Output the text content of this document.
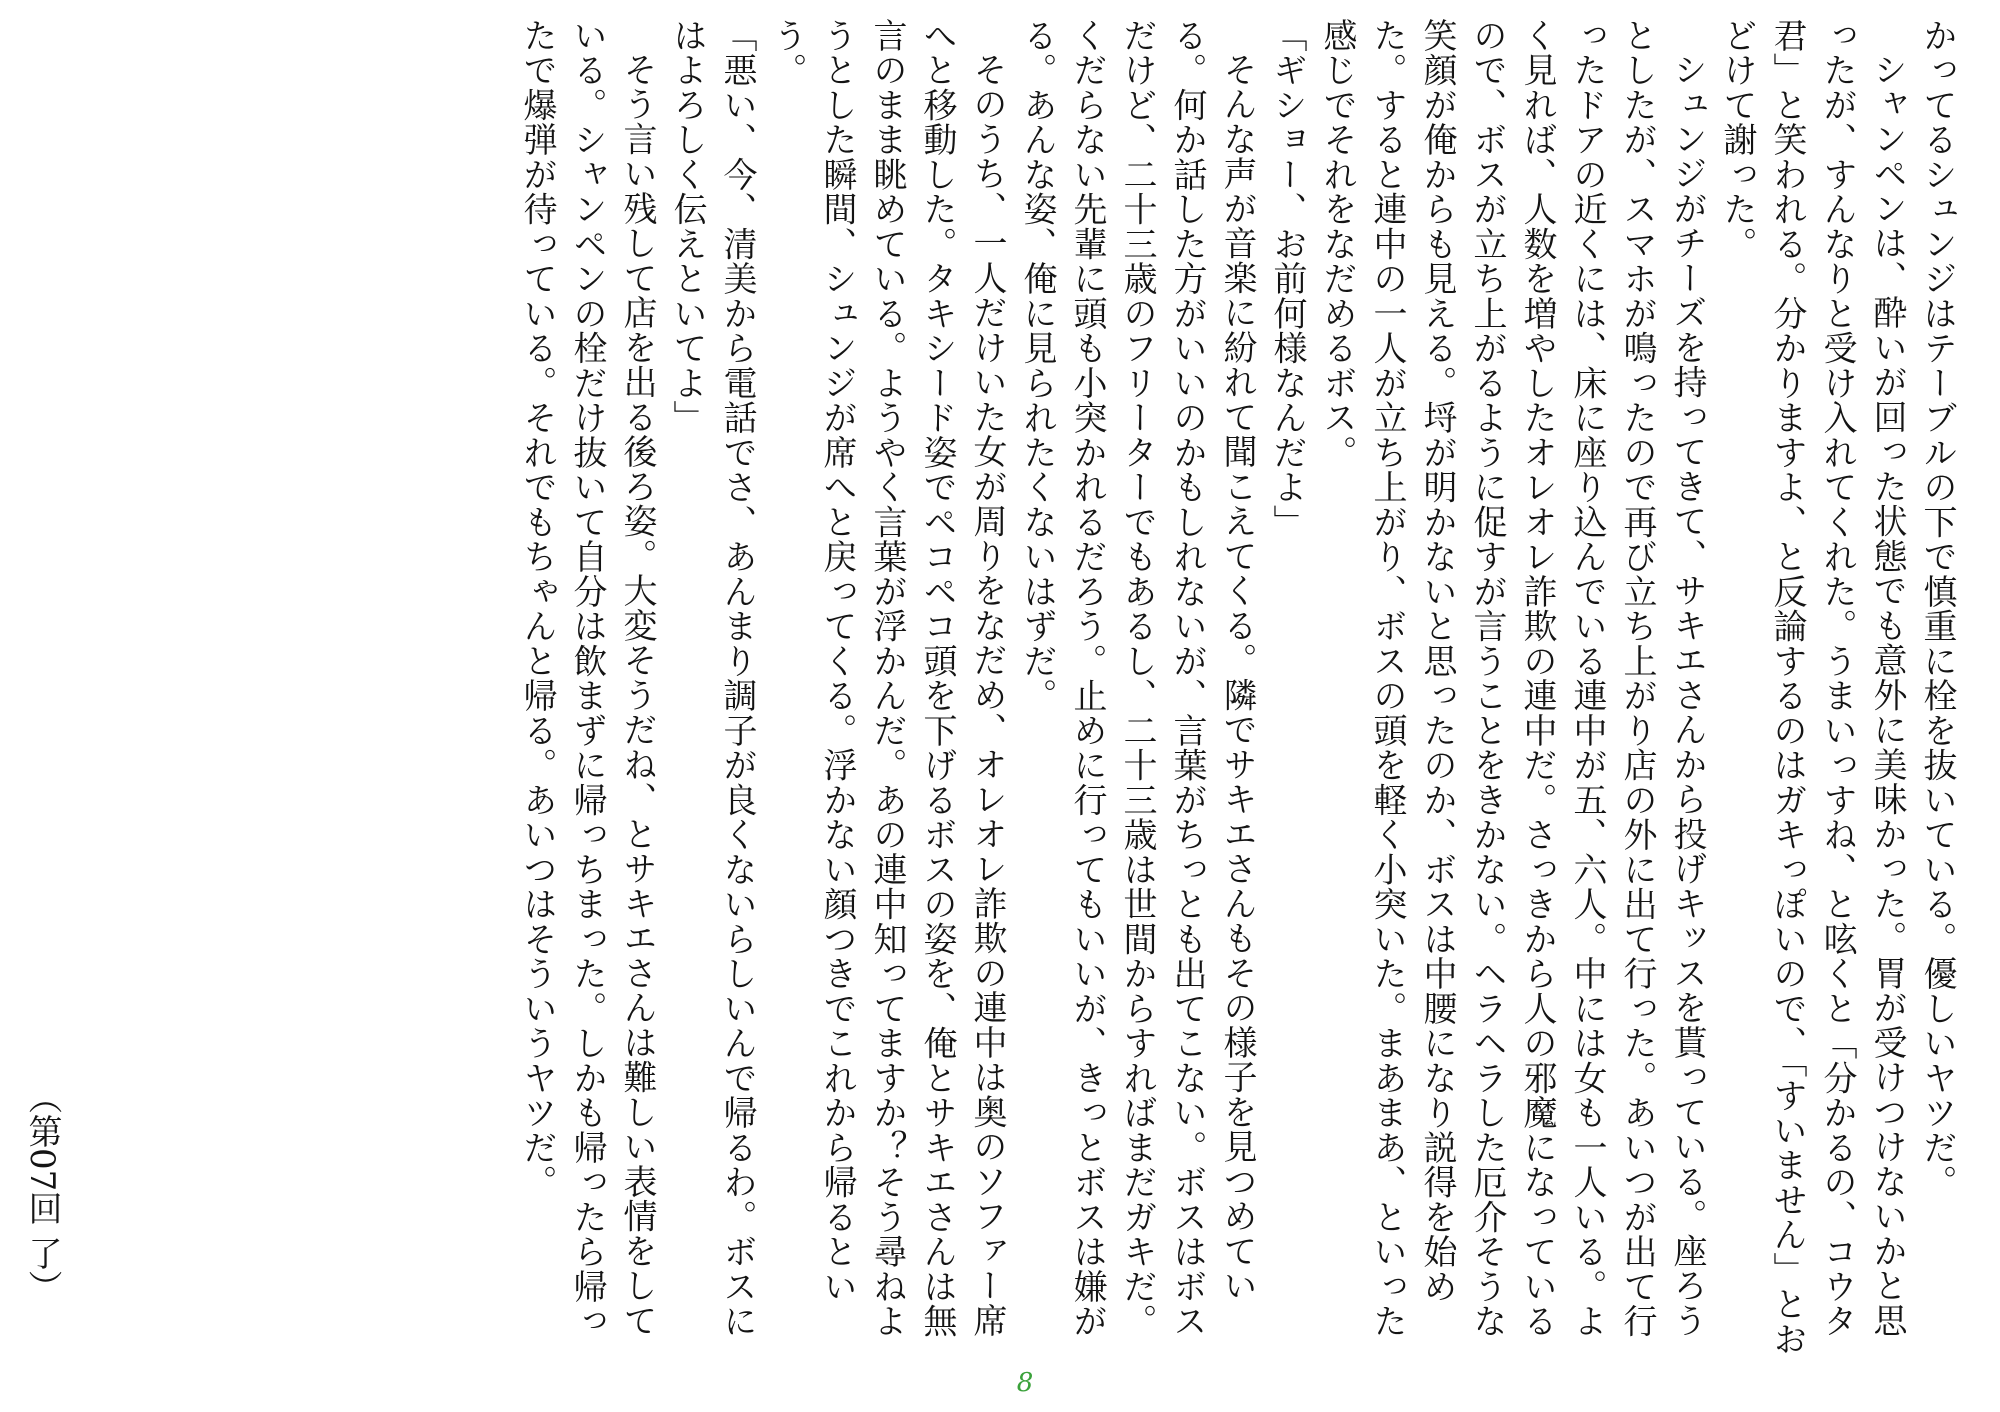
かってるシュンジはテーブルの下で慎重に栓を抜いている。優しいヤツだ。

シャンペンは、酔いが回った状態でも意外に美味かった。胃が受けつけないかと思ったが、すんなりと受け入れてくれた。うまいっすね、と呟くと「分かるの、コウタ君」と笑われる。分かりますよ、と反論するのはガキっぽいので、「すいません」とおどけて謝った。

シュンジがチーズを持ってきて、サキエさんから投げキッスを貰っている。座ろうとしたが、スマホが鳴ったので再び立ち上がり店の外に出て行った。あいつが出て行ったドアの近くには、床に座り込んでいる連中が五、六人。中には女も一人いる。よく見れば、人数を増やしたオレオレ詐欺の連中だ。さっきから人の邪魔になっているので、ボスが立ち上がるように促すが言うことをきかない。ヘラヘラした厄介そうな笑顔が俺からも見える。埒が明かないと思ったのか、ボスは中腰になり説得を始めた。すると連中の一人が立ち上がり、ボスの頭を軽く小突いた。まあまあ、といった感じでそれをなだめるボス。

「ギショー、お前何様なんだよ」

そんな声が音楽に紛れて聞こえてくる。隣でサキエさんもその様子を見つめている。何か話した方がいいのかもしれないが、言葉がちっとも出てこない。ボスはボスだけど、二十三歳のフリーターでもあるし、二十三歳は世間からすればまだガキだ。くだらない先輩に頭も小突かれるだろう。止めに行ってもいいが、きっとボスは嫌がる。あんな姿、俺に見られたくないはずだ。

そのうち、一人だけいた女が周りをなだめ、オレオレ詐欺の連中は奥のソファー席へと移動した。タキシード姿でペコペコ頭を下げるボスの姿を、俺とサキエさんは無言のまま眺めている。ようやく言葉が浮かんだ。あの連中知ってますか？そう尋ねようとした瞬間、シュンジが席へと戻ってくる。浮かない顔つきでこれから帰るという。

「悪い、今、清美から電話でさ、あんまり調子が良くないらしいんで帰るわ。ボスにはよろしく伝えといてよ」

そう言い残して店を出る後ろ姿。大変そうだね、とサキエさんは難しい表情をしている。シャンペンの栓だけ抜いて自分は飲まずに帰っちまった。しかも帰ったら帰ったで爆弾が待っている。それでもちゃんと帰る。あいつはそういうヤツだ。

（第07回 了）
8
